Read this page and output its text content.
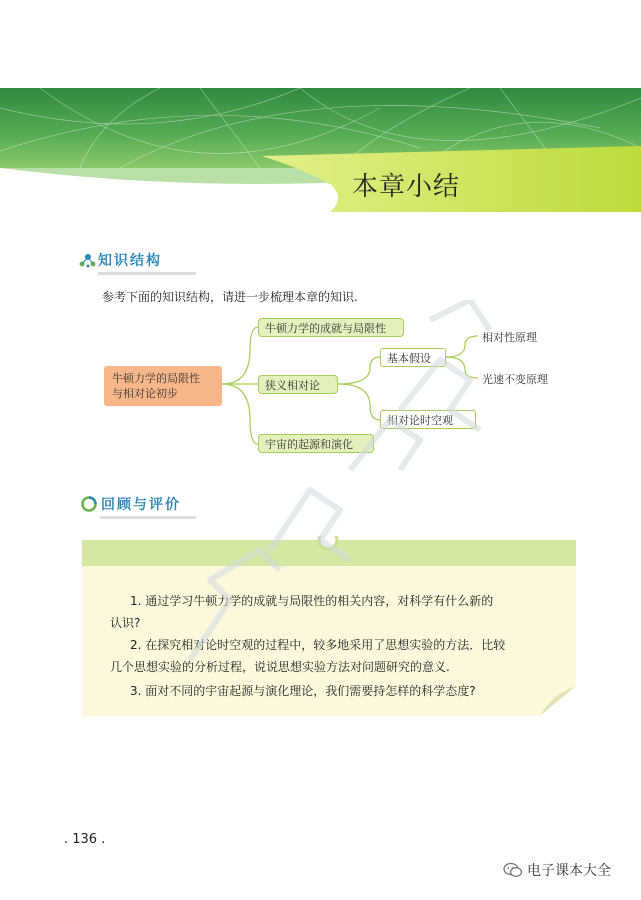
本章小结
知识结构
参考下面的知识结构，请进一步梳理本章的知识.
牛顿力学的局限性
与相对论初步
牛顿力学的成就与局限性
狭义相对论
宇宙的起源和演化
基本假设
相对论时空观
相对性原理
光速不变原理
回顾与评价
1. 通过学习牛顿力学的成就与局限性的相关内容，对科学有什么新的
认识?
2. 在探究相对论时空观的过程中，较多地采用了思想实验的方法．比较
几个思想实验的分析过程，说说思想实验方法对问题研究的意义.
3. 面对不同的宇宙起源与演化理论，我们需要持怎样的科学态度?
. 136 .
电子课本大全
